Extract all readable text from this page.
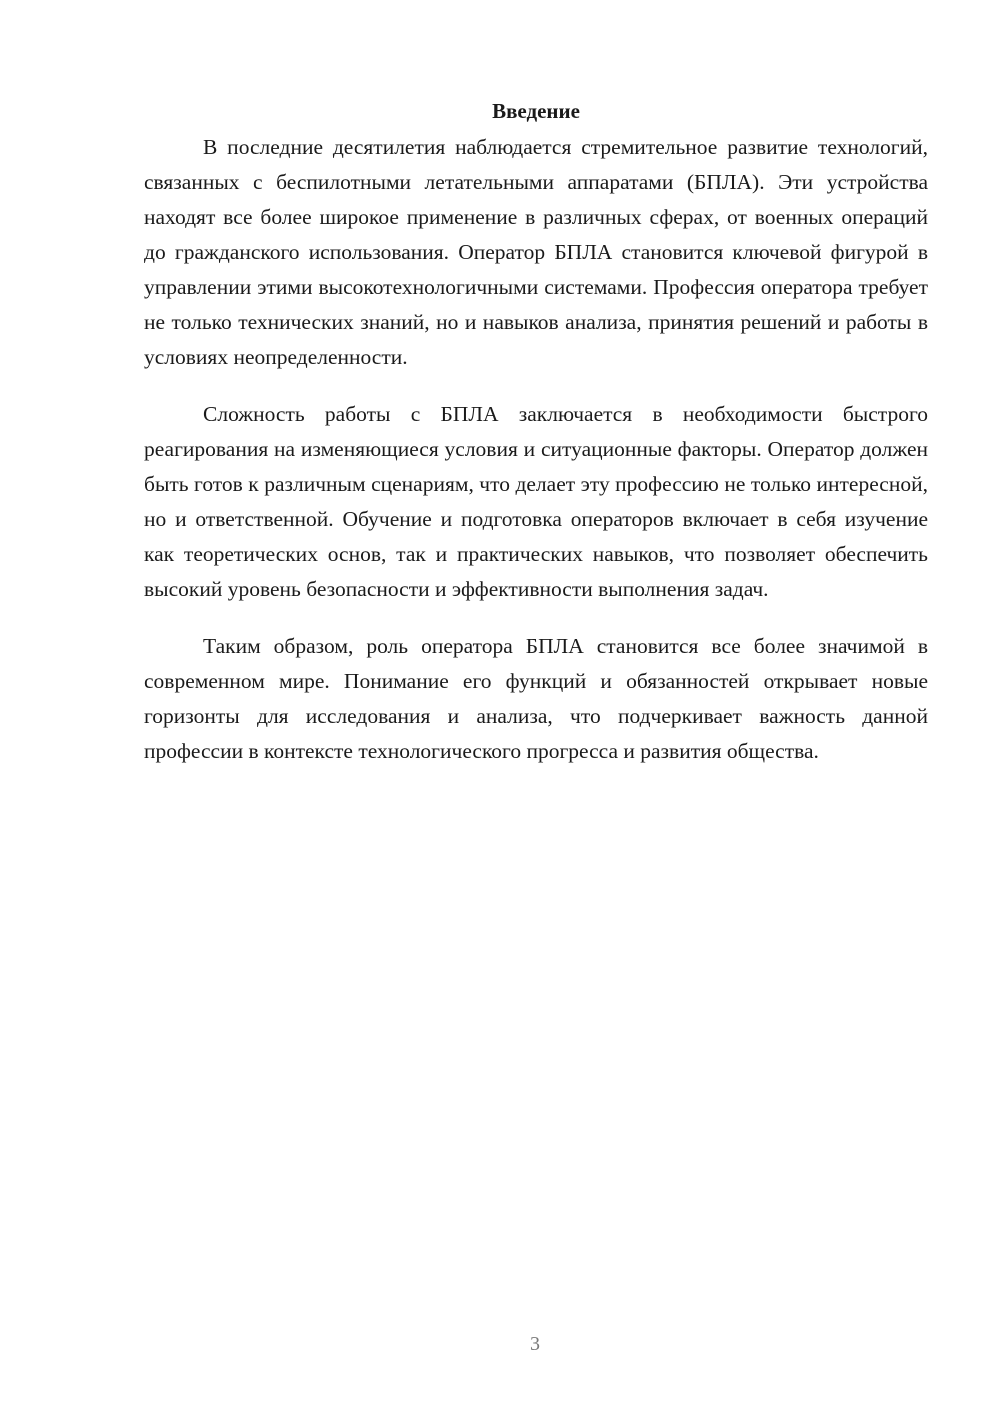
Введение

В последние десятилетия наблюдается стремительное развитие технологий, связанных с беспилотными летательными аппаратами (БПЛА). Эти устройства находят все более широкое применение в различных сферах, от военных операций до гражданского использования. Оператор БПЛА становится ключевой фигурой в управлении этими высокотехнологичными системами. Профессия оператора требует не только технических знаний, но и навыков анализа, принятия решений и работы в условиях неопределенности.

Сложность работы с БПЛА заключается в необходимости быстрого реагирования на изменяющиеся условия и ситуационные факторы. Оператор должен быть готов к различным сценариям, что делает эту профессию не только интересной, но и ответственной. Обучение и подготовка операторов включает в себя изучение как теоретических основ, так и практических навыков, что позволяет обеспечить высокий уровень безопасности и эффективности выполнения задач.

Таким образом, роль оператора БПЛА становится все более значимой в современном мире. Понимание его функций и обязанностей открывает новые горизонты для исследования и анализа, что подчеркивает важность данной профессии в контексте технологического прогресса и развития общества.

3
